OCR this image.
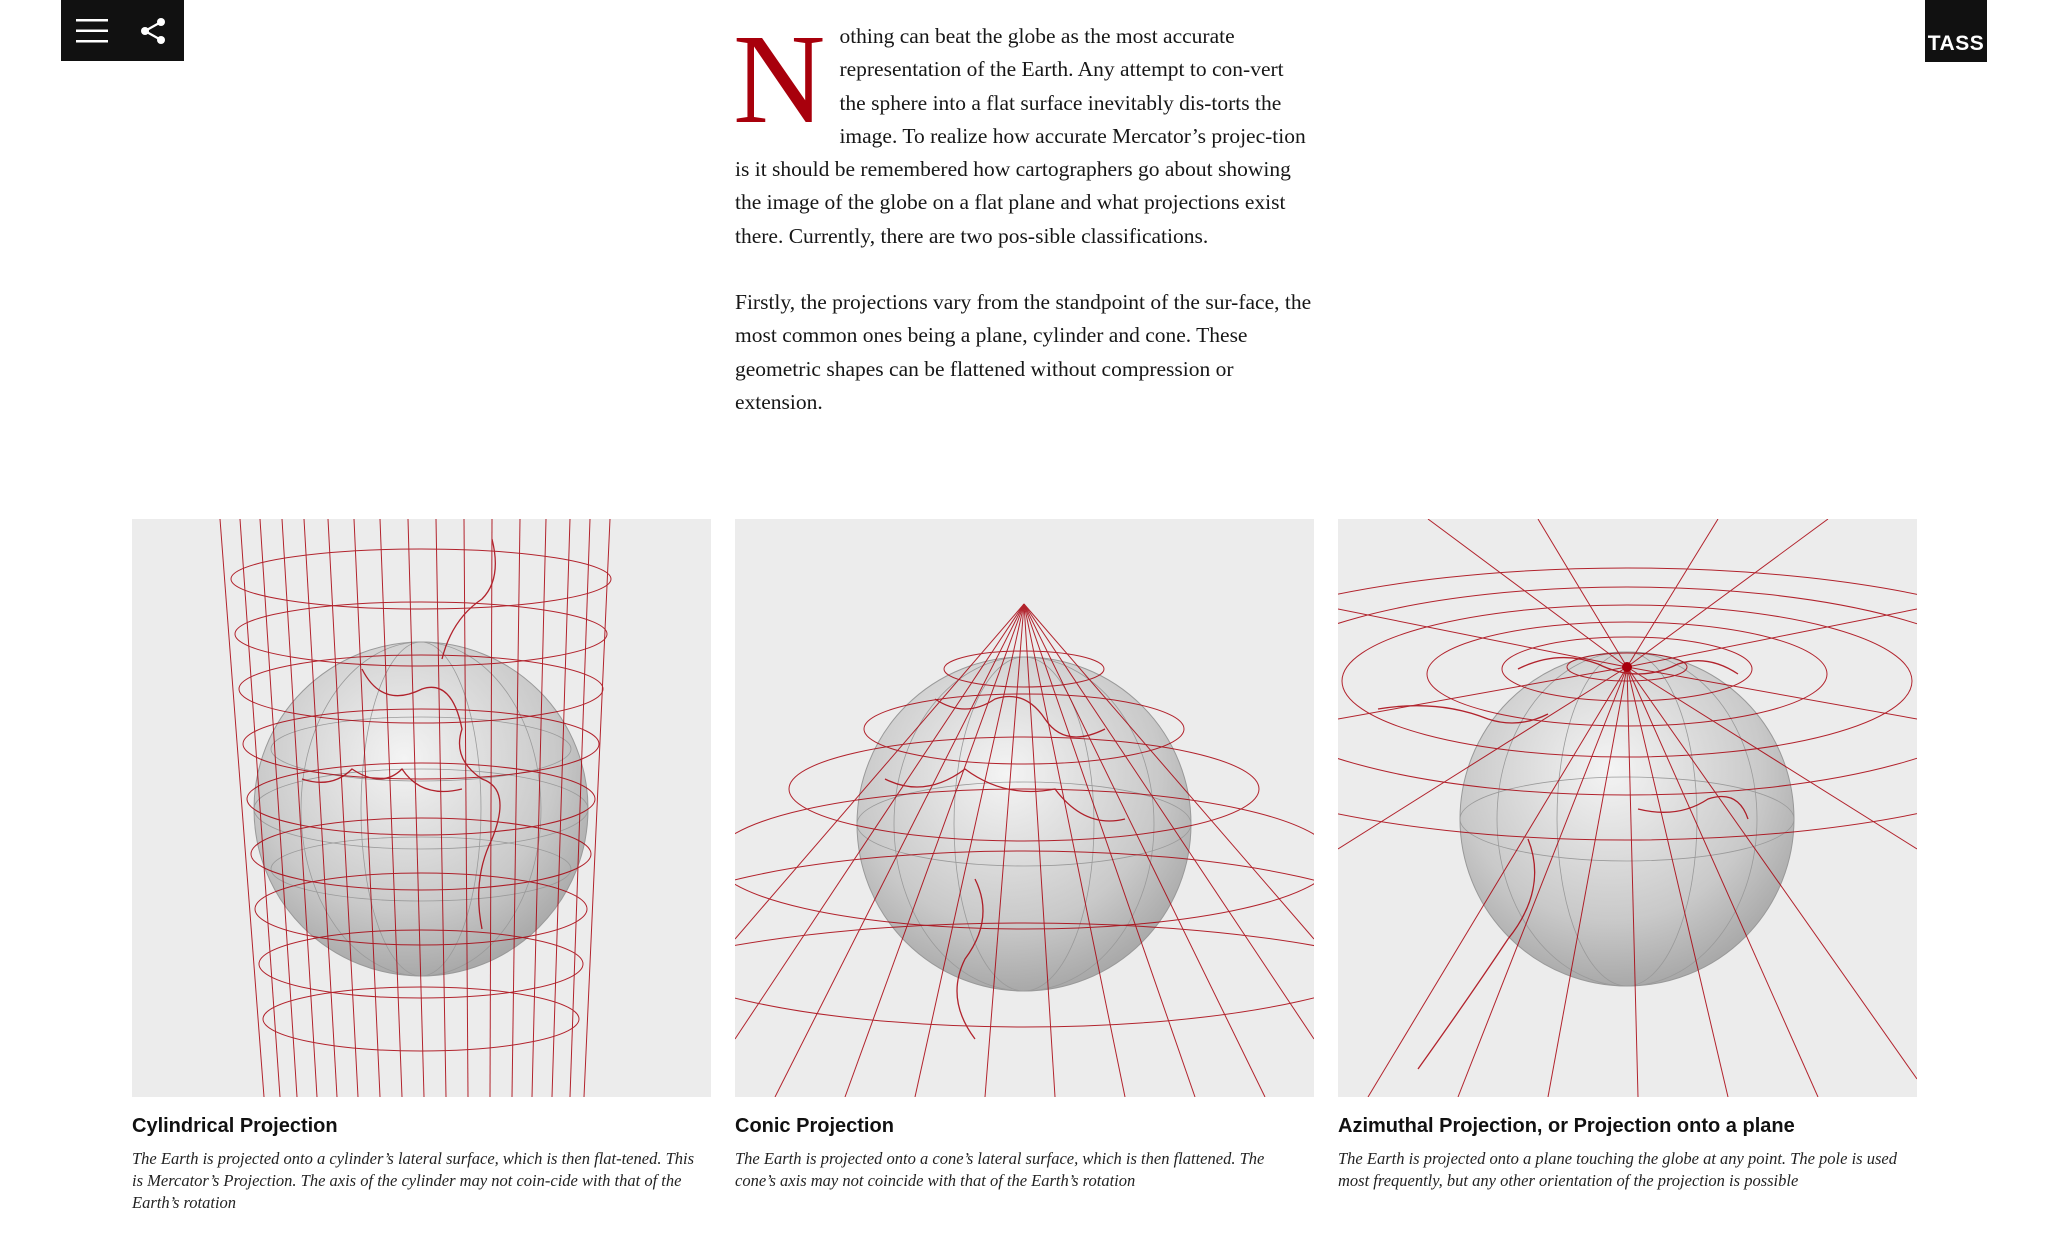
TASS

Nothing can beat the globe as the most accurate representation of the Earth. Any attempt to con-vert the sphere into a flat surface inevitably dis-torts the image. To realize how accurate Mercator’s projec-tion is it should be remembered how cartographers go about showing the image of the globe on a flat plane and what projections exist there. Currently, there are two pos-sible classifications.

Firstly, the projections vary from the standpoint of the sur-face, the most common ones being a plane, cylinder and cone. These geometric shapes can be flattened without compression or extension.

Cylindrical Projection

The Earth is projected onto a cylinder’s lateral surface, which is then flat-tened. This is Mercator’s Projection. The axis of the cylinder may not coin-cide with that of the Earth’s rotation

Conic Projection

The Earth is projected onto a cone’s lateral surface, which is then flattened. The cone’s axis may not coincide with that of the Earth’s rotation

Azimuthal Projection, or Projection onto a plane

The Earth is projected onto a plane touching the globe at any point. The pole is used most frequently, but any other orientation of the projection is possible
